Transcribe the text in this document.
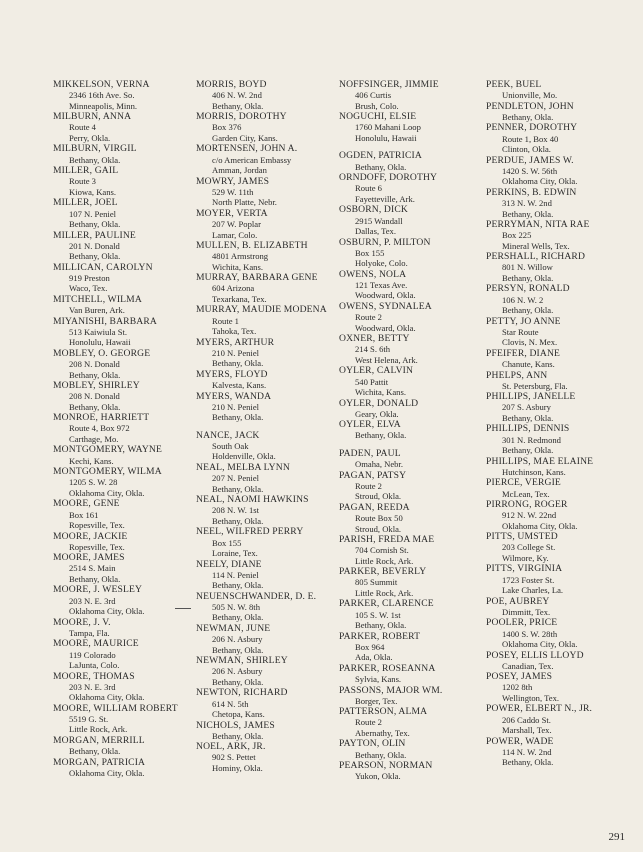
MIKKELSON, VERNA
2346 16th Ave. So.
Minneapolis, Minn.
MILBURN, ANNA
Route 4
Perry, Okla.
MILBURN, VIRGIL
Bethany, Okla.
MILLER, GAIL
Route 3
Kiowa, Kans.
MILLER, JOEL
107 N. Peniel
Bethany, Okla.
MILLER, PAULINE
201 N. Donald
Bethany, Okla.
MILLICAN, CAROLYN
919 Preston
Waco, Tex.
MITCHELL, WILMA
Van Buren, Ark.
MIYANISHI, BARBARA
513 Kaiwiula St.
Honolulu, Hawaii
MOBLEY, O. GEORGE
208 N. Donald
Bethany, Okla.
MOBLEY, SHIRLEY
208 N. Donald
Bethany, Okla.
MONROE, HARRIETT
Route 4, Box 972
Carthage, Mo.
MONTGOMERY, WAYNE
Kechi, Kans.
MONTGOMERY, WILMA
1205 S. W. 28
Oklahoma City, Okla.
MOORE, GENE
Box 161
Ropesville, Tex.
MOORE, JACKIE
Ropesville, Tex.
MOORE, JAMES
2514 S. Main
Bethany, Okla.
MOORE, J. WESLEY
203 N. E. 3rd
Oklahoma City, Okla.
MOORE, J. V.
Tampa, Fla.
MOORE, MAURICE
119 Colorado
LaJunta, Colo.
MOORE, THOMAS
203 N. E. 3rd
Oklahoma City, Okla.
MOORE, WILLIAM ROBERT
5519 G. St.
Little Rock, Ark.
MORGAN, MERRILL
Bethany, Okla.
MORGAN, PATRICIA
Oklahoma City, Okla.
MORRIS, BOYD
406 N. W. 2nd
Bethany, Okla.
MORRIS, DOROTHY
Box 376
Garden City, Kans.
MORTENSEN, JOHN A.
c/o American Embassy
Amman, Jordan
MOWRY, JAMES
529 W. 11th
North Platte, Nebr.
MOYER, VERTA
207 W. Poplar
Lamar, Colo.
MULLEN, B. ELIZABETH
4801 Armstrong
Wichita, Kans.
MURRAY, BARBARA GENE
604 Arizona
Texarkana, Tex.
MURRAY, MAUDIE MODENA
Route 1
Tahoka, Tex.
MYERS, ARTHUR
210 N. Peniel
Bethany, Okla.
MYERS, FLOYD
Kalvesta, Kans.
MYERS, WANDA
210 N. Peniel
Bethany, Okla.
NANCE, JACK
South Oak
Holdenville, Okla.
NEAL, MELBA LYNN
207 N. Peniel
Bethany, Okla.
NEAL, NAOMI HAWKINS
208 N. W. 1st
Bethany, Okla.
NEEL, WILFRED PERRY
Box 155
Loraine, Tex.
NEELY, DIANE
114 N. Peniel
Bethany, Okla.
NEUENSCHWANDER, D. E.
505 N. W. 8th
Bethany, Okla.
NEWMAN, JUNE
206 N. Asbury
Bethany, Okla.
NEWMAN, SHIRLEY
206 N. Asbury
Bethany, Okla.
NEWTON, RICHARD
614 N. 5th
Chetopa, Kans.
NICHOLS, JAMES
Bethany, Okla.
NOEL, ARK, JR.
902 S. Pettet
Hominy, Okla.
NOFFSINGER, JIMMIE
406 Curtis
Brush, Colo.
NOGUCHI, ELSIE
1760 Mahani Loop
Honolulu, Hawaii
OGDEN, PATRICIA
Bethany, Okla.
ORNDOFF, DOROTHY
Route 6
Fayetteville, Ark.
OSBORN, DICK
2915 Wandall
Dallas, Tex.
OSBURN, P. MILTON
Box 155
Holyoke, Colo.
OWENS, NOLA
121 Texas Ave.
Woodward, Okla.
OWENS, SYDNALEA
Route 2
Woodward, Okla.
OXNER, BETTY
214 S. 6th
West Helena, Ark.
OYLER, CALVIN
540 Pattit
Wichita, Kans.
OYLER, DONALD
Geary, Okla.
OYLER, ELVA
Bethany, Okla.
PADEN, PAUL
Omaha, Nebr.
PAGAN, PATSY
Route 2
Stroud, Okla.
PAGAN, REEDA
Route Box 50
Stroud, Okla.
PARISH, FREDA MAE
704 Cornish St.
Little Rock, Ark.
PARKER, BEVERLY
805 Summit
Little Rock, Ark.
PARKER, CLARENCE
105 S. W. 1st
Bethany, Okla.
PARKER, ROBERT
Box 964
Ada, Okla.
PARKER, ROSEANNA
Sylvia, Kans.
PASSONS, MAJOR WM.
Borger, Tex.
PATTERSON, ALMA
Route 2
Abernathy, Tex.
PAYTON, OLIN
Bethany, Okla.
PEARSON, NORMAN
Yukon, Okla.
PEEK, BUEL
Unionville, Mo.
PENDLETON, JOHN
Bethany, Okla.
PENNER, DOROTHY
Route 1, Box 40
Clinton, Okla.
PERDUE, JAMES W.
1420 S. W. 56th
Oklahoma City, Okla.
PERKINS, B. EDWIN
313 N. W. 2nd
Bethany, Okla.
PERRYMAN, NITA RAE
Box 225
Mineral Wells, Tex.
PERSHALL, RICHARD
801 N. Willow
Bethany, Okla.
PERSYN, RONALD
106 N. W. 2
Bethany, Okla.
PETTY, JO ANNE
Star Route
Clovis, N. Mex.
PFEIFER, DIANE
Chanute, Kans.
PHELPS, ANN
St. Petersburg, Fla.
PHILLIPS, JANELLE
207 S. Asbury
Bethany, Okla.
PHILLIPS, DENNIS
301 N. Redmond
Bethany, Okla.
PHILLIPS, MAE ELAINE
Hutchinson, Kans.
PIERCE, VERGIE
McLean, Tex.
PIRRONG, ROGER
912 N. W. 22nd
Oklahoma City, Okla.
PITTS, UMSTED
203 College St.
Wilmore, Ky.
PITTS, VIRGINIA
1723 Foster St.
Lake Charles, La.
POE, AUBREY
Dimmitt, Tex.
POOLER, PRICE
1400 S. W. 28th
Oklahoma City, Okla.
POSEY, ELLIS LLOYD
Canadian, Tex.
POSEY, JAMES
1202 8th
Wellington, Tex.
POWER, ELBERT N., JR.
206 Caddo St.
Marshall, Tex.
POWER, WADE
114 N. W. 2nd
Bethany, Okla.
291
